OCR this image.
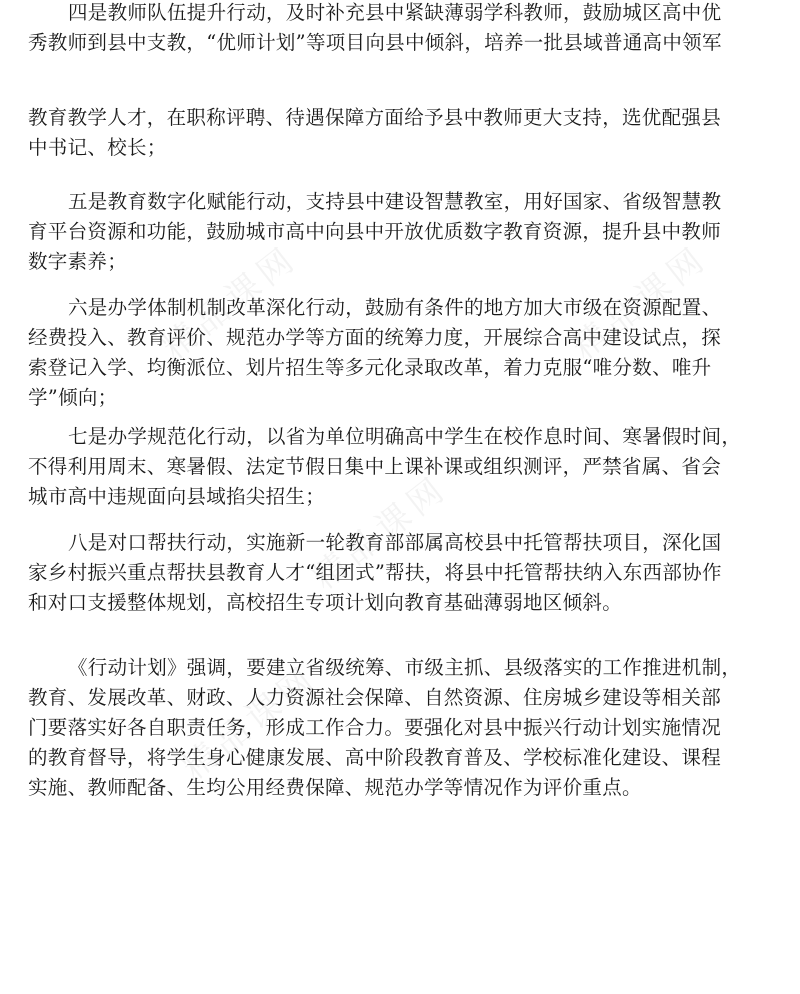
精品课网	精品课网
精品课网
精品课网

四是教师队伍提升行动，及时补充县中紧缺薄弱学科教师，鼓励城区高中优
秀教师到县中支教，“优师计划”等项目向县中倾斜，培养一批县域普通高中领军

教育教学人才，在职称评聘、待遇保障方面给予县中教师更大支持，选优配强县
中书记、校长；

五是教育数字化赋能行动，支持县中建设智慧教室，用好国家、省级智慧教
育平台资源和功能，鼓励城市高中向县中开放优质数字教育资源，提升县中教师
数字素养；

六是办学体制机制改革深化行动，鼓励有条件的地方加大市级在资源配置、
经费投入、教育评价、规范办学等方面的统筹力度，开展综合高中建设试点，探
索登记入学、均衡派位、划片招生等多元化录取改革，着力克服“唯分数、唯升
学”倾向；

七是办学规范化行动，以省为单位明确高中学生在校作息时间、寒暑假时间，
不得利用周末、寒暑假、法定节假日集中上课补课或组织测评，严禁省属、省会
城市高中违规面向县域掐尖招生；

八是对口帮扶行动，实施新一轮教育部部属高校县中托管帮扶项目，深化国
家乡村振兴重点帮扶县教育人才“组团式”帮扶，将县中托管帮扶纳入东西部协作
和对口支援整体规划，高校招生专项计划向教育基础薄弱地区倾斜。

《行动计划》强调，要建立省级统筹、市级主抓、县级落实的工作推进机制，
教育、发展改革、财政、人力资源社会保障、自然资源、住房城乡建设等相关部
门要落实好各自职责任务，形成工作合力。要强化对县中振兴行动计划实施情况
的教育督导，将学生身心健康发展、高中阶段教育普及、学校标准化建设、课程
实施、教师配备、生均公用经费保障、规范办学等情况作为评价重点。
